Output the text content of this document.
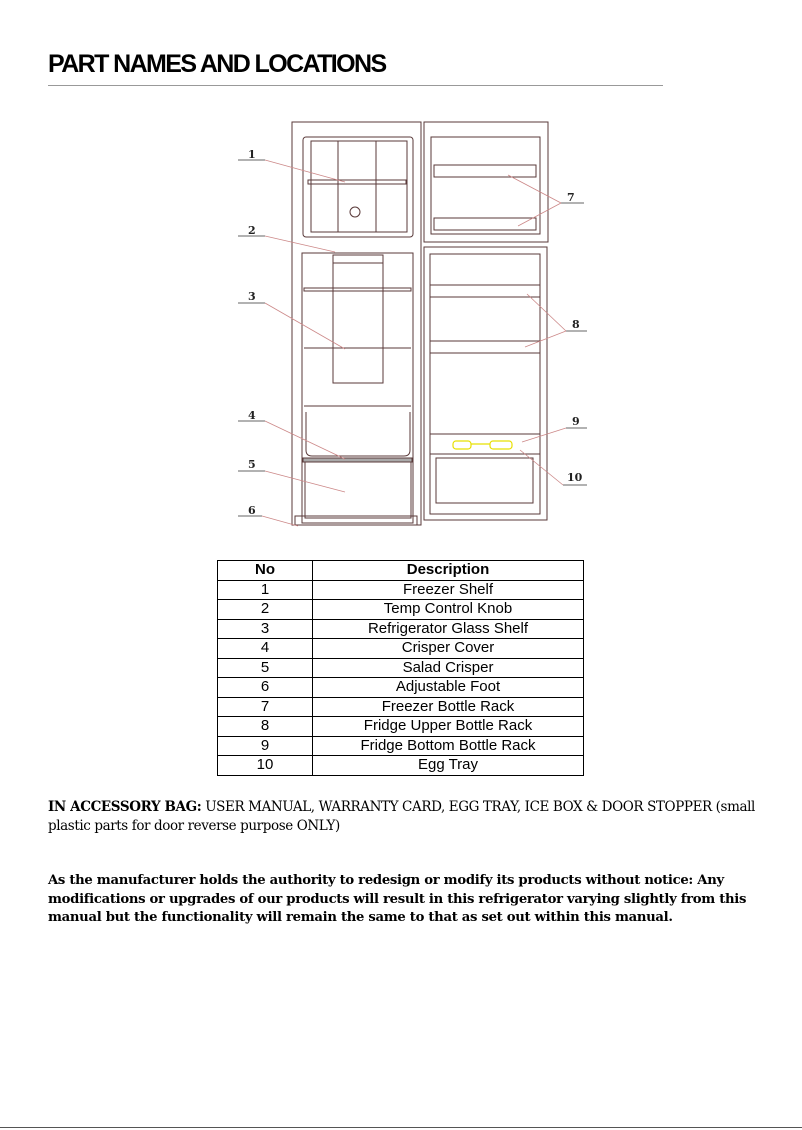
PART NAMES AND LOCATIONS
1
2
3
4
5
6
7
8
9
10
No	Description
1	Freezer Shelf
2	Temp Control Knob
3	Refrigerator Glass Shelf
4	Crisper Cover
5	Salad Crisper
6	Adjustable Foot
7	Freezer Bottle Rack
8	Fridge Upper Bottle Rack
9	Fridge Bottom Bottle Rack
10	Egg Tray
IN ACCESSORY BAG: USER MANUAL, WARRANTY CARD, EGG TRAY, ICE BOX & DOOR STOPPER (small plastic parts for door reverse purpose ONLY)
As the manufacturer holds the authority to redesign or modify its products without notice: Any modifications or upgrades of our products will result in this refrigerator varying slightly from this manual but the functionality will remain the same to that as set out within this manual.
